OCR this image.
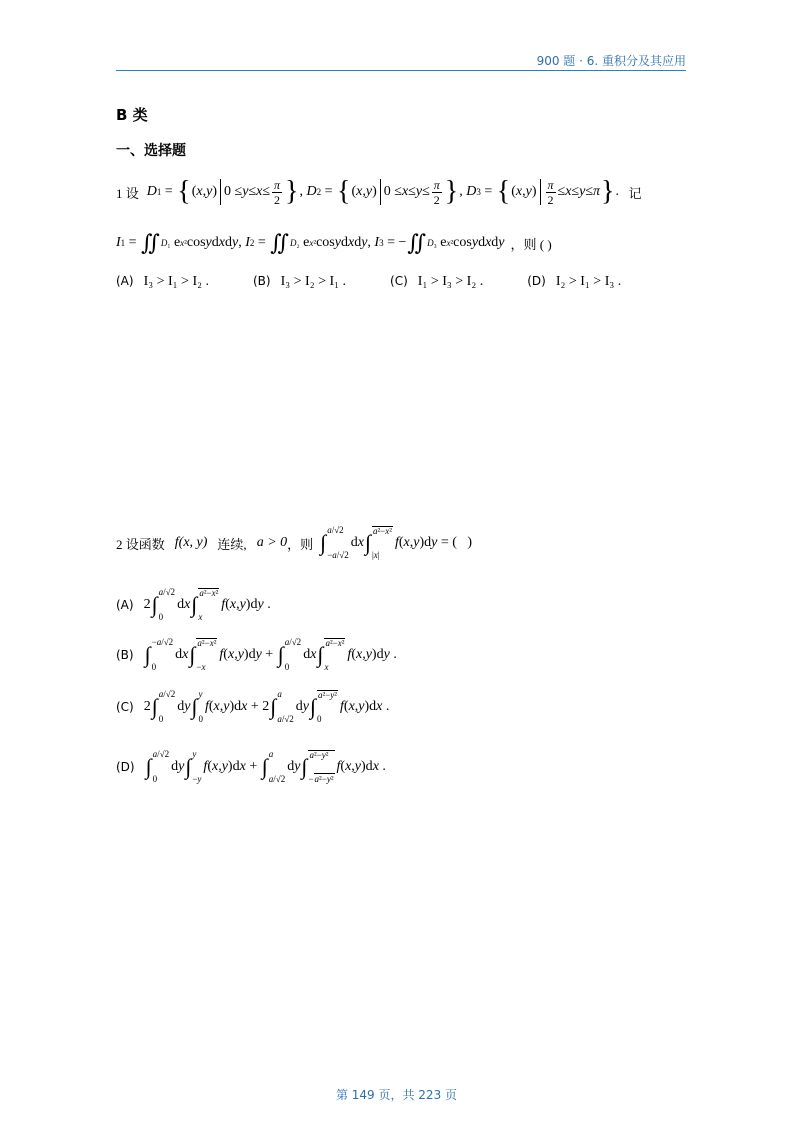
900 题 · 6. 重积分及其应用
B 类
一、选择题
1 设 D 1 = { ( x , y ) $0 \le y \le x \le \frac{\pi}{2}$ } , D 2 = { ( x , y ) $0 \le x \le y \le \frac{\pi}{2}$ } , D 3 = { ( x , y ) $\frac{\pi}{2} \le x \le y \le \pi$ } . 记
I 1 = ∬ D₁ e x² cos y d x d y , I 2 = ∬ D₂ e x² cos y d x d y , I 3 = − ∬ D₃ e x² cos y d x d y ，则 ( )
(A) I₃ > I₁ > I₂ .	(B) I₃ > I₂ > I₁ .	(C) I₁ > I₃ > I₂ .	(D) I₂ > I₁ > I₃ .
2 设函数 f(x, y) 连续, a > 0 ，则 ∫ a/√2
−a/√2
d x ∫ a²−x²
|x|
f ( x , y )d y = (   )
(A) 2 ∫ a/√2
0
d x ∫ a²−x²
x
f ( x , y )d y .
(B) ∫ −a/√2
0
d x ∫ a²−x²
−x
f ( x , y )d y + ∫ a/√2
0
d x ∫ a²−x²
x
f ( x , y )d y .
(C) 2 ∫ a/√2
0
d y ∫ y
0
f ( x , y )d x + 2 ∫ a
a/√2
d y ∫ a²−y²
0
f ( x , y )d x .
(D) ∫ a/√2
0
d y ∫ y
−y
f ( x , y )d x + ∫ a
a/√2
d y ∫ a²−y²
−a²−y²
f ( x , y )d x .
第 149 页，共 223 页
